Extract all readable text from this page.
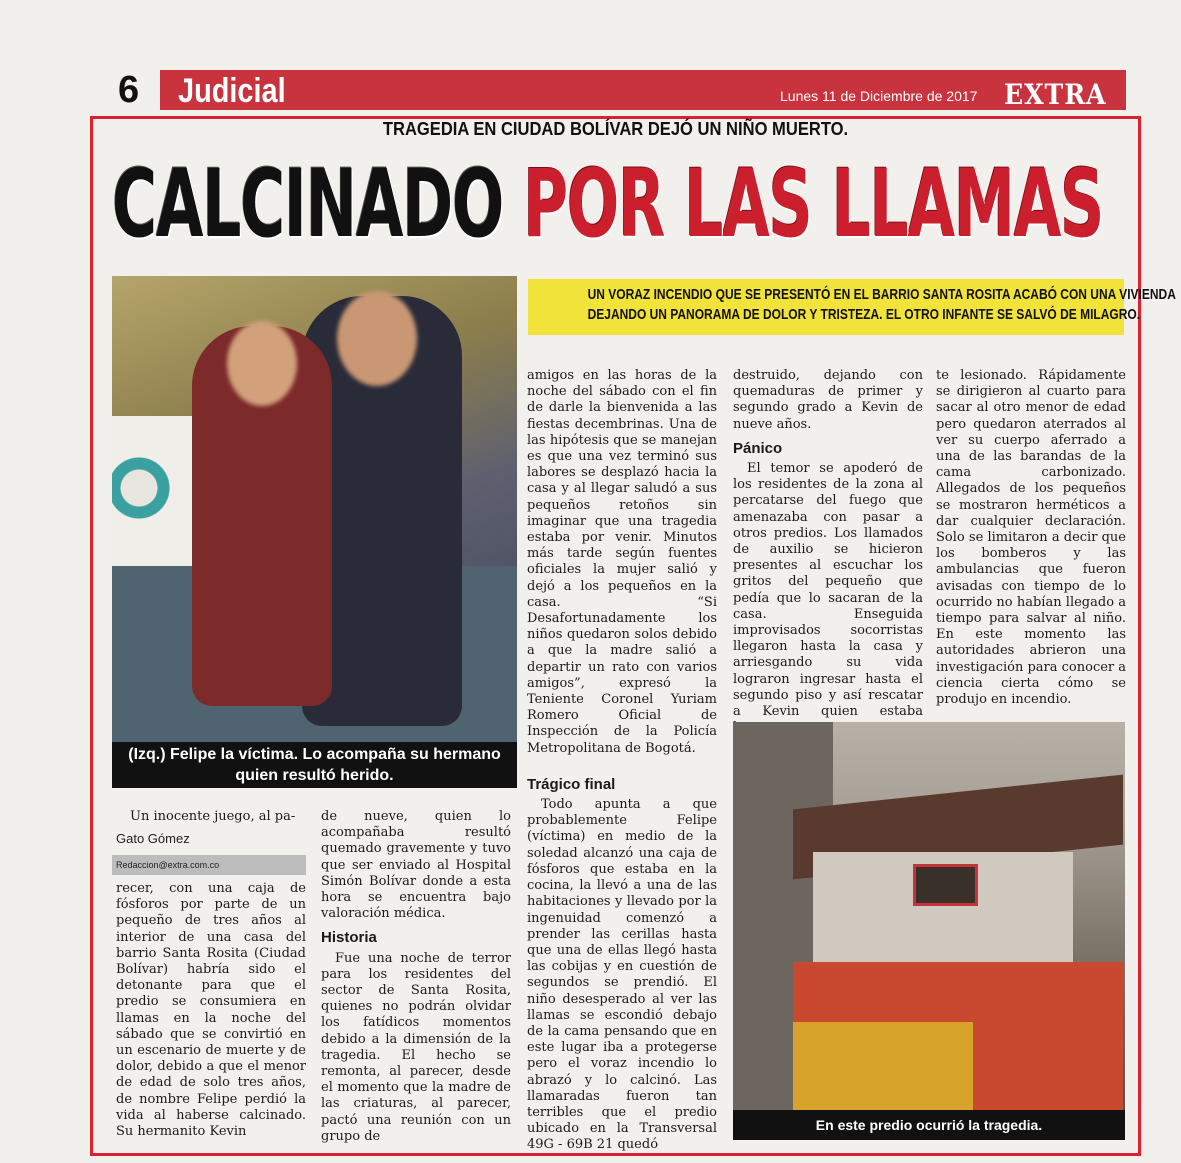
6	Judicial	Lunes 11 de Diciembre de 2017 EXTRA
TRAGEDIA EN CIUDAD BOLÍVAR DEJÓ UN NIÑO MUERTO.
CALCINADO POR LAS LLAMAS
(Izq.) Felipe la víctima. Lo acompaña su hermano quien resultó herido.
UN VORAZ INCENDIO QUE SE PRESENTÓ EN EL BARRIO SANTA ROSITA ACABÓ CON UNA VIVIENDA
DEJANDO UN PANORAMA DE DOLOR Y TRISTEZA. EL OTRO INFANTE SE SALVÓ DE MILAGRO.
Un inocente juego, al pa-
Gato Gómez
Redaccion@extra.com.co

recer, con una caja de fósforos por parte de un pequeño de tres años al interior de una casa del barrio Santa Rosita (Ciudad Bolívar) habría sido el detonante para que el predio se consumiera en llamas en la noche del sábado que se convirtió en un escenario de muerte y de dolor, debido a que el menor de edad de solo tres años, de nombre Felipe perdió la vida al haberse calcinado. Su hermanito Kevin

de nueve, quien lo acompañaba resultó quemado gravemente y tuvo que ser enviado al Hospital Simón Bolívar donde a esta hora se encuentra bajo valoración médica.

Historia

Fue una noche de terror para los residentes del sector de Santa Rosita, quienes no podrán olvidar los fatídicos momentos debido a la dimensión de la tragedia. El hecho se remonta, al parecer, desde el momento que la madre de las criaturas, al parecer, pactó una reunión con un grupo de

amigos en las horas de la noche del sábado con el fin de darle la bienvenida a las fiestas decembrinas. Una de las hipótesis que se manejan es que una vez terminó sus labores se desplazó hacia la casa y al llegar saludó a sus pequeños retoños sin imaginar que una tragedia estaba por venir. Minutos más tarde según fuentes oficiales la mujer salió y dejó a los pequeños en la casa. “Si Desafortunadamente los niños quedaron solos debido a que la madre salió a departir un rato con varios amigos”, expresó la Teniente Coronel Yuriam Romero Oficial de Inspección de la Policía Metropolitana de Bogotá.

Trágico final

Todo apunta a que probablemente Felipe (víctima) en medio de la soledad alcanzó una caja de fósforos que estaba en la cocina, la llevó a una de las habitaciones y llevado por la ingenuidad comenzó a prender las cerillas hasta que una de ellas llegó hasta las cobijas y en cuestión de segundos se prendió. El niño desesperado al ver las llamas se escondió debajo de la cama pensando que en este lugar iba a protegerse pero el voraz incendio lo abrazó y lo calcinó. Las llamaradas fueron tan terribles que el predio ubicado en la Transversal 49G - 69B 21 quedó

destruido, dejando con quemaduras de primer y segundo grado a Kevin de nueve años.

Pánico

El temor se apoderó de los residentes de la zona al percatarse del fuego que amenazaba con pasar a otros predios. Los llamados de auxilio se hicieron presentes al escuchar los gritos del pequeño que pedía que lo sacaran de la casa. Enseguida improvisados socorristas llegaron hasta la casa y arriesgando su vida lograron ingresar hasta el segundo piso y así rescatar a Kevin quien estaba

te lesionado. Rápidamente se dirigieron al cuarto para sacar al otro menor de edad pero quedaron aterrados al ver su cuerpo aferrado a una de las barandas de la cama carbonizado. Allegados de los pequeños se mostraron herméticos a dar cualquier declaración. Solo se limitaron a decir que los bomberos y las ambulancias que fueron avisadas con tiempo de lo ocurrido no habían llegado a tiempo para salvar al niño. En este momento las autoridades abrieron una investigación para conocer a ciencia cierta cómo se produjo en incendio.

En este predio ocurrió la tragedia.
